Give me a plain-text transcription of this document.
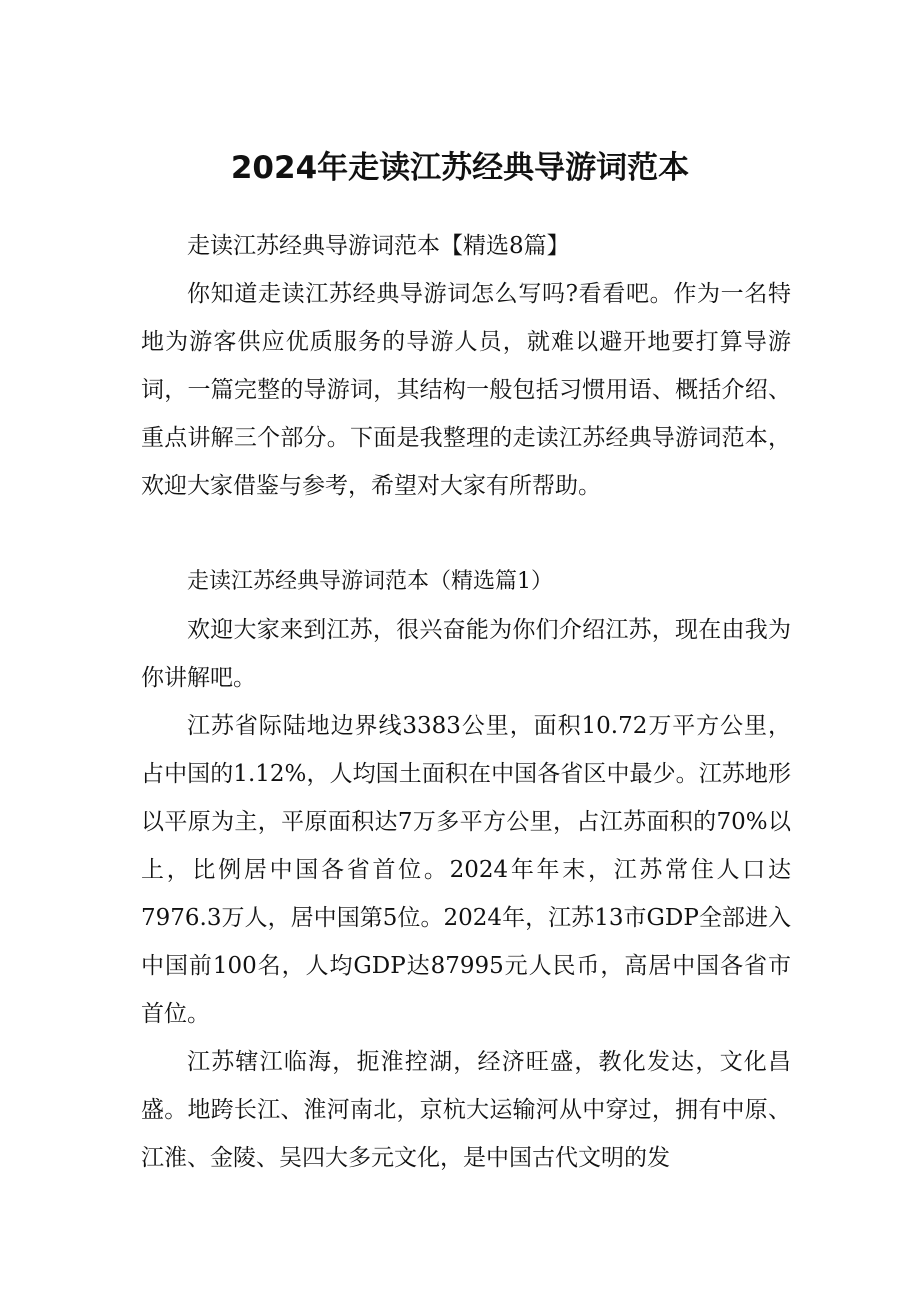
2024年走读江苏经典导游词范本

走读江苏经典导游词范本【精选8篇】

你知道走读江苏经典导游词怎么写吗?看看吧。作为一名特地为游客供应优质服务的导游人员，就难以避开地要打算导游词，一篇完整的导游词，其结构一般包括习惯用语、概括介绍、重点讲解三个部分。下面是我整理的走读江苏经典导游词范本，欢迎大家借鉴与参考，希望对大家有所帮助。

走读江苏经典导游词范本（精选篇1）

欢迎大家来到江苏，很兴奋能为你们介绍江苏，现在由我为你讲解吧。

江苏省际陆地边界线3383公里，面积10.72万平方公里，占中国的1.12%，人均国土面积在中国各省区中最少。江苏地形以平原为主，平原面积达7万多平方公里，占江苏面积的70%以上，比例居中国各省首位。2024年年末，江苏常住人口达7976.3万人，居中国第5位。2024年，江苏13市GDP全部进入中国前100名，人均GDP达87995元人民币，高居中国各省市首位。

江苏辖江临海，扼淮控湖，经济旺盛，教化发达，文化昌盛。地跨长江、淮河南北，京杭大运输河从中穿过，拥有中原、江淮、金陵、吴四大多元文化，是中国古代文明的发
